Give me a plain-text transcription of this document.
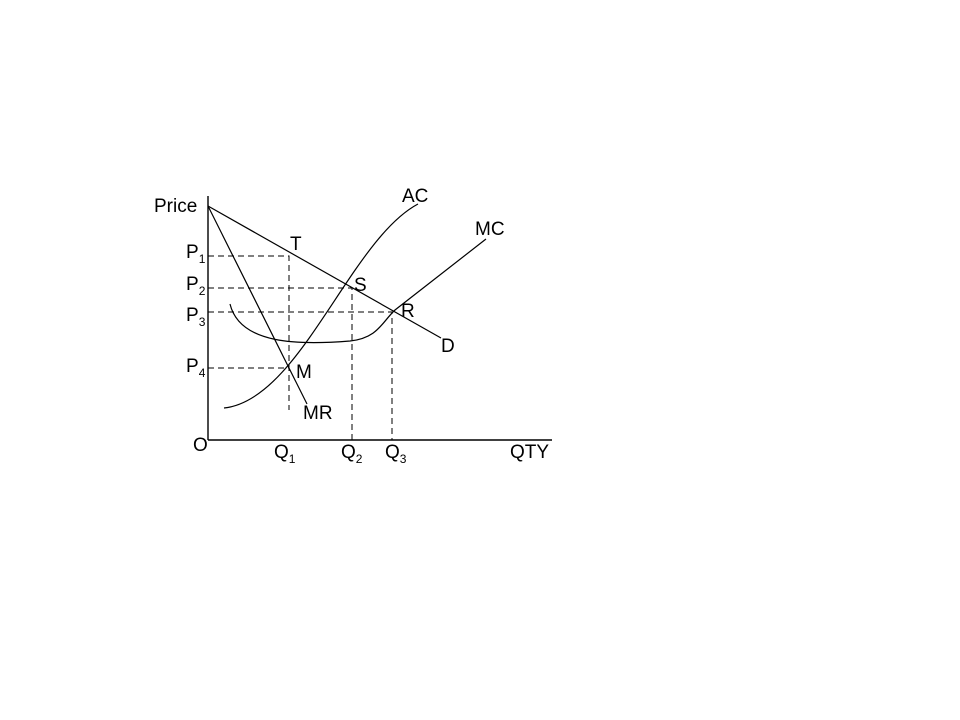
Price
QTY
O
$P_1$
$P_2$
$P_3$
$P_4$
$Q_1$ $Q_2$ $Q_3$
D
MR
AC
MC
T
S
R
M
